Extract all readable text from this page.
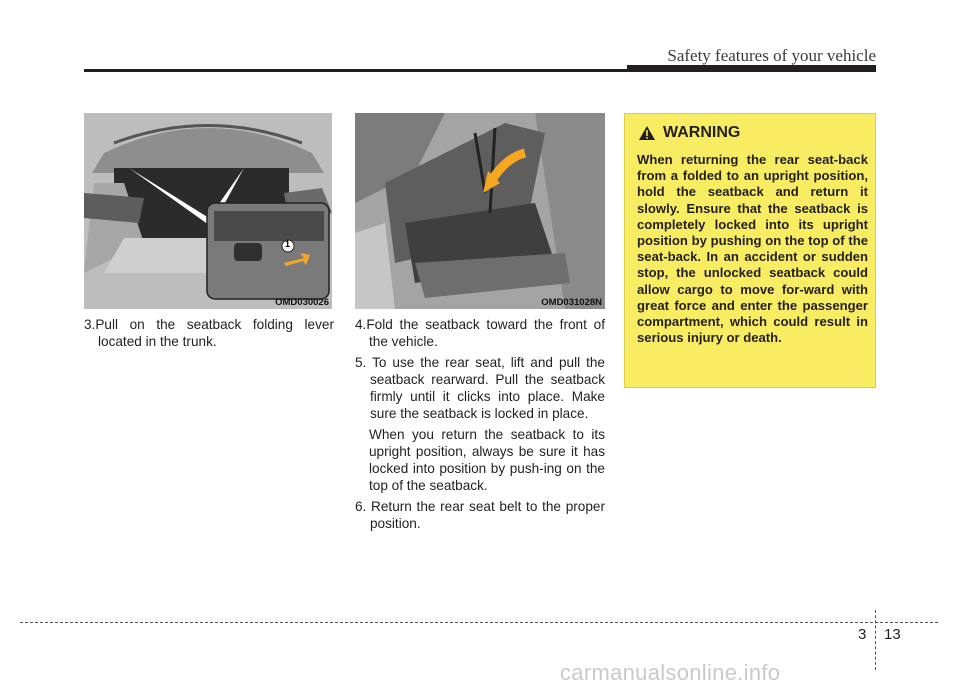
Safety features of your vehicle
1
OMD030026	OMD031028N

3.Pull on the seatback folding lever located in the trunk.

4.Fold the seatback toward the front of the vehicle.

5. To use the rear seat, lift and pull the seatback rearward. Pull the seatback firmly until it clicks into place. Make sure the seatback is locked in place.

When you return the seatback to its upright position, always be sure it has locked into position by push-ing on the top of the seatback.

6. Return the rear seat belt to the proper position.

WARNING
When returning the rear seat-back from a folded to an upright position, hold the seatback and return it slowly. Ensure that the seatback is completely locked into its upright position by pushing on the top of the seat-back. In an accident or sudden stop, the unlocked seatback could allow cargo to move for-ward with great force and enter the passenger compartment, which could result in serious injury or death.
3 13
carmanualsonline.info
